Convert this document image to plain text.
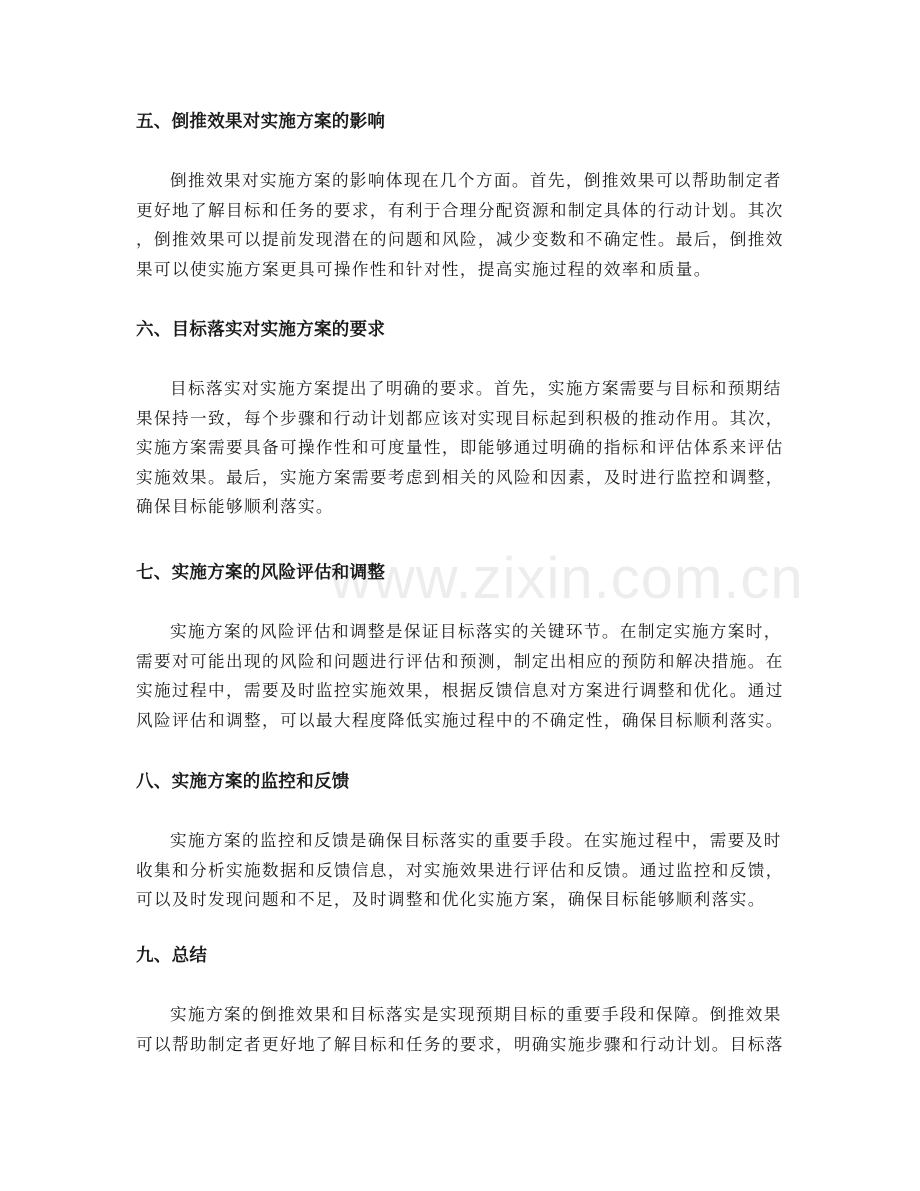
www.zixin.com.cn
五、倒推效果对实施方案的影响

倒推效果对实施方案的影响体现在几个方面。首先，倒推效果可以帮助制定者
更好地了解目标和任务的要求，有利于合理分配资源和制定具体的行动计划。其次
，倒推效果可以提前发现潜在的问题和风险，减少变数和不确定性。最后，倒推效
果可以使实施方案更具可操作性和针对性，提高实施过程的效率和质量。

六、目标落实对实施方案的要求

目标落实对实施方案提出了明确的要求。首先，实施方案需要与目标和预期结
果保持一致，每个步骤和行动计划都应该对实现目标起到积极的推动作用。其次，
实施方案需要具备可操作性和可度量性，即能够通过明确的指标和评估体系来评估
实施效果。最后，实施方案需要考虑到相关的风险和因素，及时进行监控和调整，
确保目标能够顺利落实。

七、实施方案的风险评估和调整

实施方案的风险评估和调整是保证目标落实的关键环节。在制定实施方案时，
需要对可能出现的风险和问题进行评估和预测，制定出相应的预防和解决措施。在
实施过程中，需要及时监控实施效果，根据反馈信息对方案进行调整和优化。通过
风险评估和调整，可以最大程度降低实施过程中的不确定性，确保目标顺利落实。

八、实施方案的监控和反馈

实施方案的监控和反馈是确保目标落实的重要手段。在实施过程中，需要及时
收集和分析实施数据和反馈信息，对实施效果进行评估和反馈。通过监控和反馈，
可以及时发现问题和不足，及时调整和优化实施方案，确保目标能够顺利落实。

九、总结

实施方案的倒推效果和目标落实是实现预期目标的重要手段和保障。倒推效果
可以帮助制定者更好地了解目标和任务的要求，明确实施步骤和行动计划。目标落
